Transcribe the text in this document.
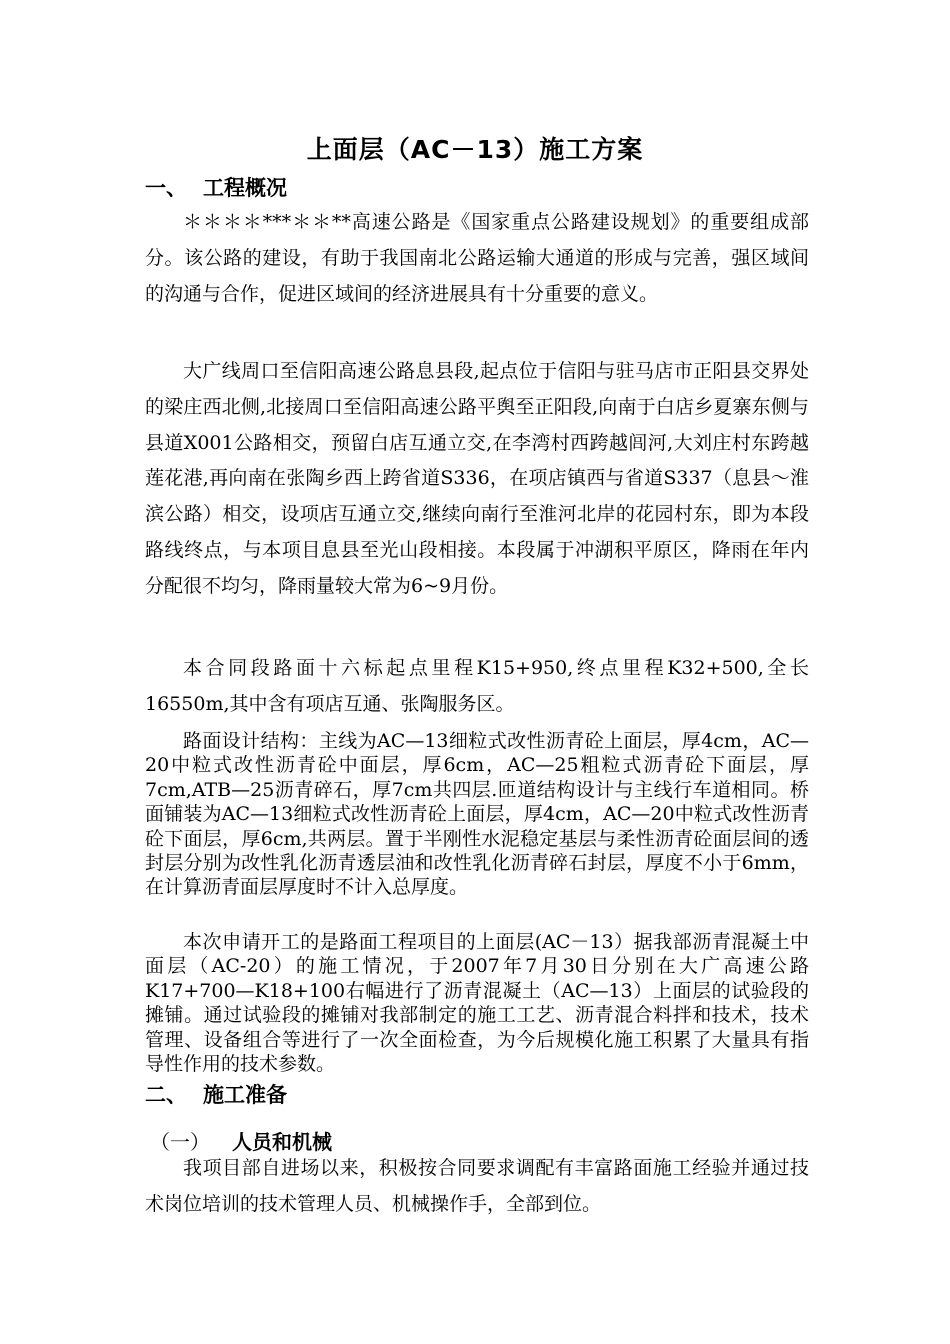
上面层（AC－13）施工方案
一、 工程概况
＊＊＊＊***＊＊**高速公路是《国家重点公路建设规划》的重要组成部分。该公路的建设，有助于我国南北公路运输大通道的形成与完善，强区域间的沟通与合作，促进区域间的经济进展具有十分重要的意义。
大广线周口至信阳高速公路息县段,起点位于信阳与驻马店市正阳县交界处的梁庄西北侧,北接周口至信阳高速公路平舆至正阳段,向南于白店乡夏寨东侧与县道X001公路相交，预留白店互通立交,在李湾村西跨越闾河,大刘庄村东跨越莲花港,再向南在张陶乡西上跨省道S336，在项店镇西与省道S337（息县～淮滨公路）相交，设项店互通立交,继续向南行至淮河北岸的花园村东，即为本段路线终点，与本项目息县至光山段相接。本段属于冲湖积平原区，降雨在年内分配很不均匀，降雨量较大常为6~9月份。
本合同段路面十六标起点里程K15+950,终点里程K32+500,全长16550m,其中含有项店互通、张陶服务区。
路面设计结构：主线为AC—13细粒式改性沥青砼上面层，厚4cm，AC—20中粒式改性沥青砼中面层，厚6cm，AC—25粗粒式沥青砼下面层，厚7cm,ATB—25沥青碎石，厚7cm共四层.匝道结构设计与主线行车道相同。桥面铺装为AC—13细粒式改性沥青砼上面层，厚4cm，AC—20中粒式改性沥青砼下面层，厚6cm,共两层。置于半刚性水泥稳定基层与柔性沥青砼面层间的透封层分别为改性乳化沥青透层油和改性乳化沥青碎石封层，厚度不小于6mm，在计算沥青面层厚度时不计入总厚度。
本次申请开工的是路面工程项目的上面层(AC－13）据我部沥青混凝土中面层（AC-20）的施工情况，于2007年7月30日分别在大广高速公路K17+700—K18+100右幅进行了沥青混凝土（AC—13）上面层的试验段的摊铺。通过试验段的摊铺对我部制定的施工工艺、沥青混合料拌和技术，技术管理、设备组合等进行了一次全面检查，为今后规模化施工积累了大量具有指导性作用的技术参数。
二、 施工准备
（一） 人员和机械
我项目部自进场以来，积极按合同要求调配有丰富路面施工经验并通过技术岗位培训的技术管理人员、机械操作手，全部到位。
